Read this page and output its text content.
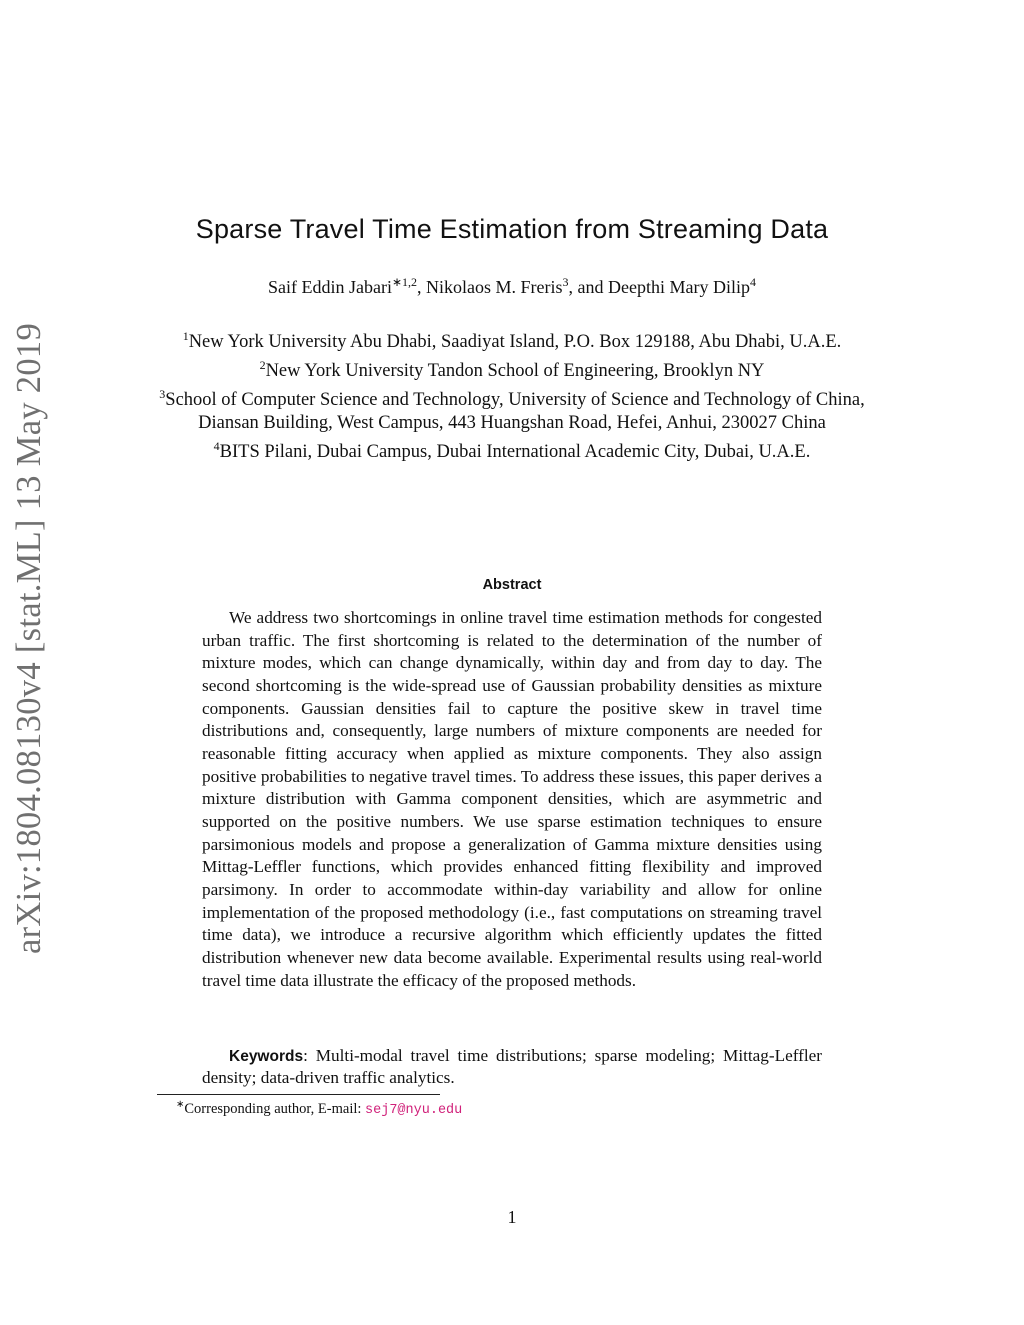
arXiv:1804.08130v4 [stat.ML] 13 May 2019
Sparse Travel Time Estimation from Streaming Data
Saif Eddin Jabari$^{∗1,2}$, Nikolaos M. Freris$^3$, and Deepthi Mary Dilip$^4$

$^1$New York University Abu Dhabi, Saadiyat Island, P.O. Box 129188, Abu Dhabi, U.A.E.

$^2$New York University Tandon School of Engineering, Brooklyn NY

$^3$School of Computer Science and Technology, University of Science and Technology of China, Diansan Building, West Campus, 443 Huangshan Road, Hefei, Anhui, 230027 China

$^4$BITS Pilani, Dubai Campus, Dubai International Academic City, Dubai, U.A.E.

Abstract

We address two shortcomings in online travel time estimation methods for congested urban traffic. The first shortcoming is related to the determination of the number of mixture modes, which can change dynamically, within day and from day to day. The second shortcoming is the wide-spread use of Gaussian probability densities as mixture components. Gaussian densities fail to capture the positive skew in travel time distributions and, consequently, large numbers of mixture components are needed for reasonable fitting accuracy when applied as mixture components. They also assign positive probabilities to negative travel times. To address these issues, this paper derives a mixture distribution with Gamma component densities, which are asymmetric and supported on the positive numbers. We use sparse estimation techniques to ensure parsimonious models and propose a generalization of Gamma mixture densities using Mittag-Leffler functions, which provides enhanced fitting flexibility and improved parsimony. In order to accommodate within-day variability and allow for online implementation of the proposed methodology (i.e., fast computations on streaming travel time data), we introduce a recursive algorithm which efficiently updates the fitted distribution whenever new data become available. Experimental results using real-world travel time data illustrate the efficacy of the proposed methods.

Keywords: Multi-modal travel time distributions; sparse modeling; Mittag-Leffler density; data-driven traffic analytics.

∗Corresponding author, E-mail: sej7@nyu.edu
1
